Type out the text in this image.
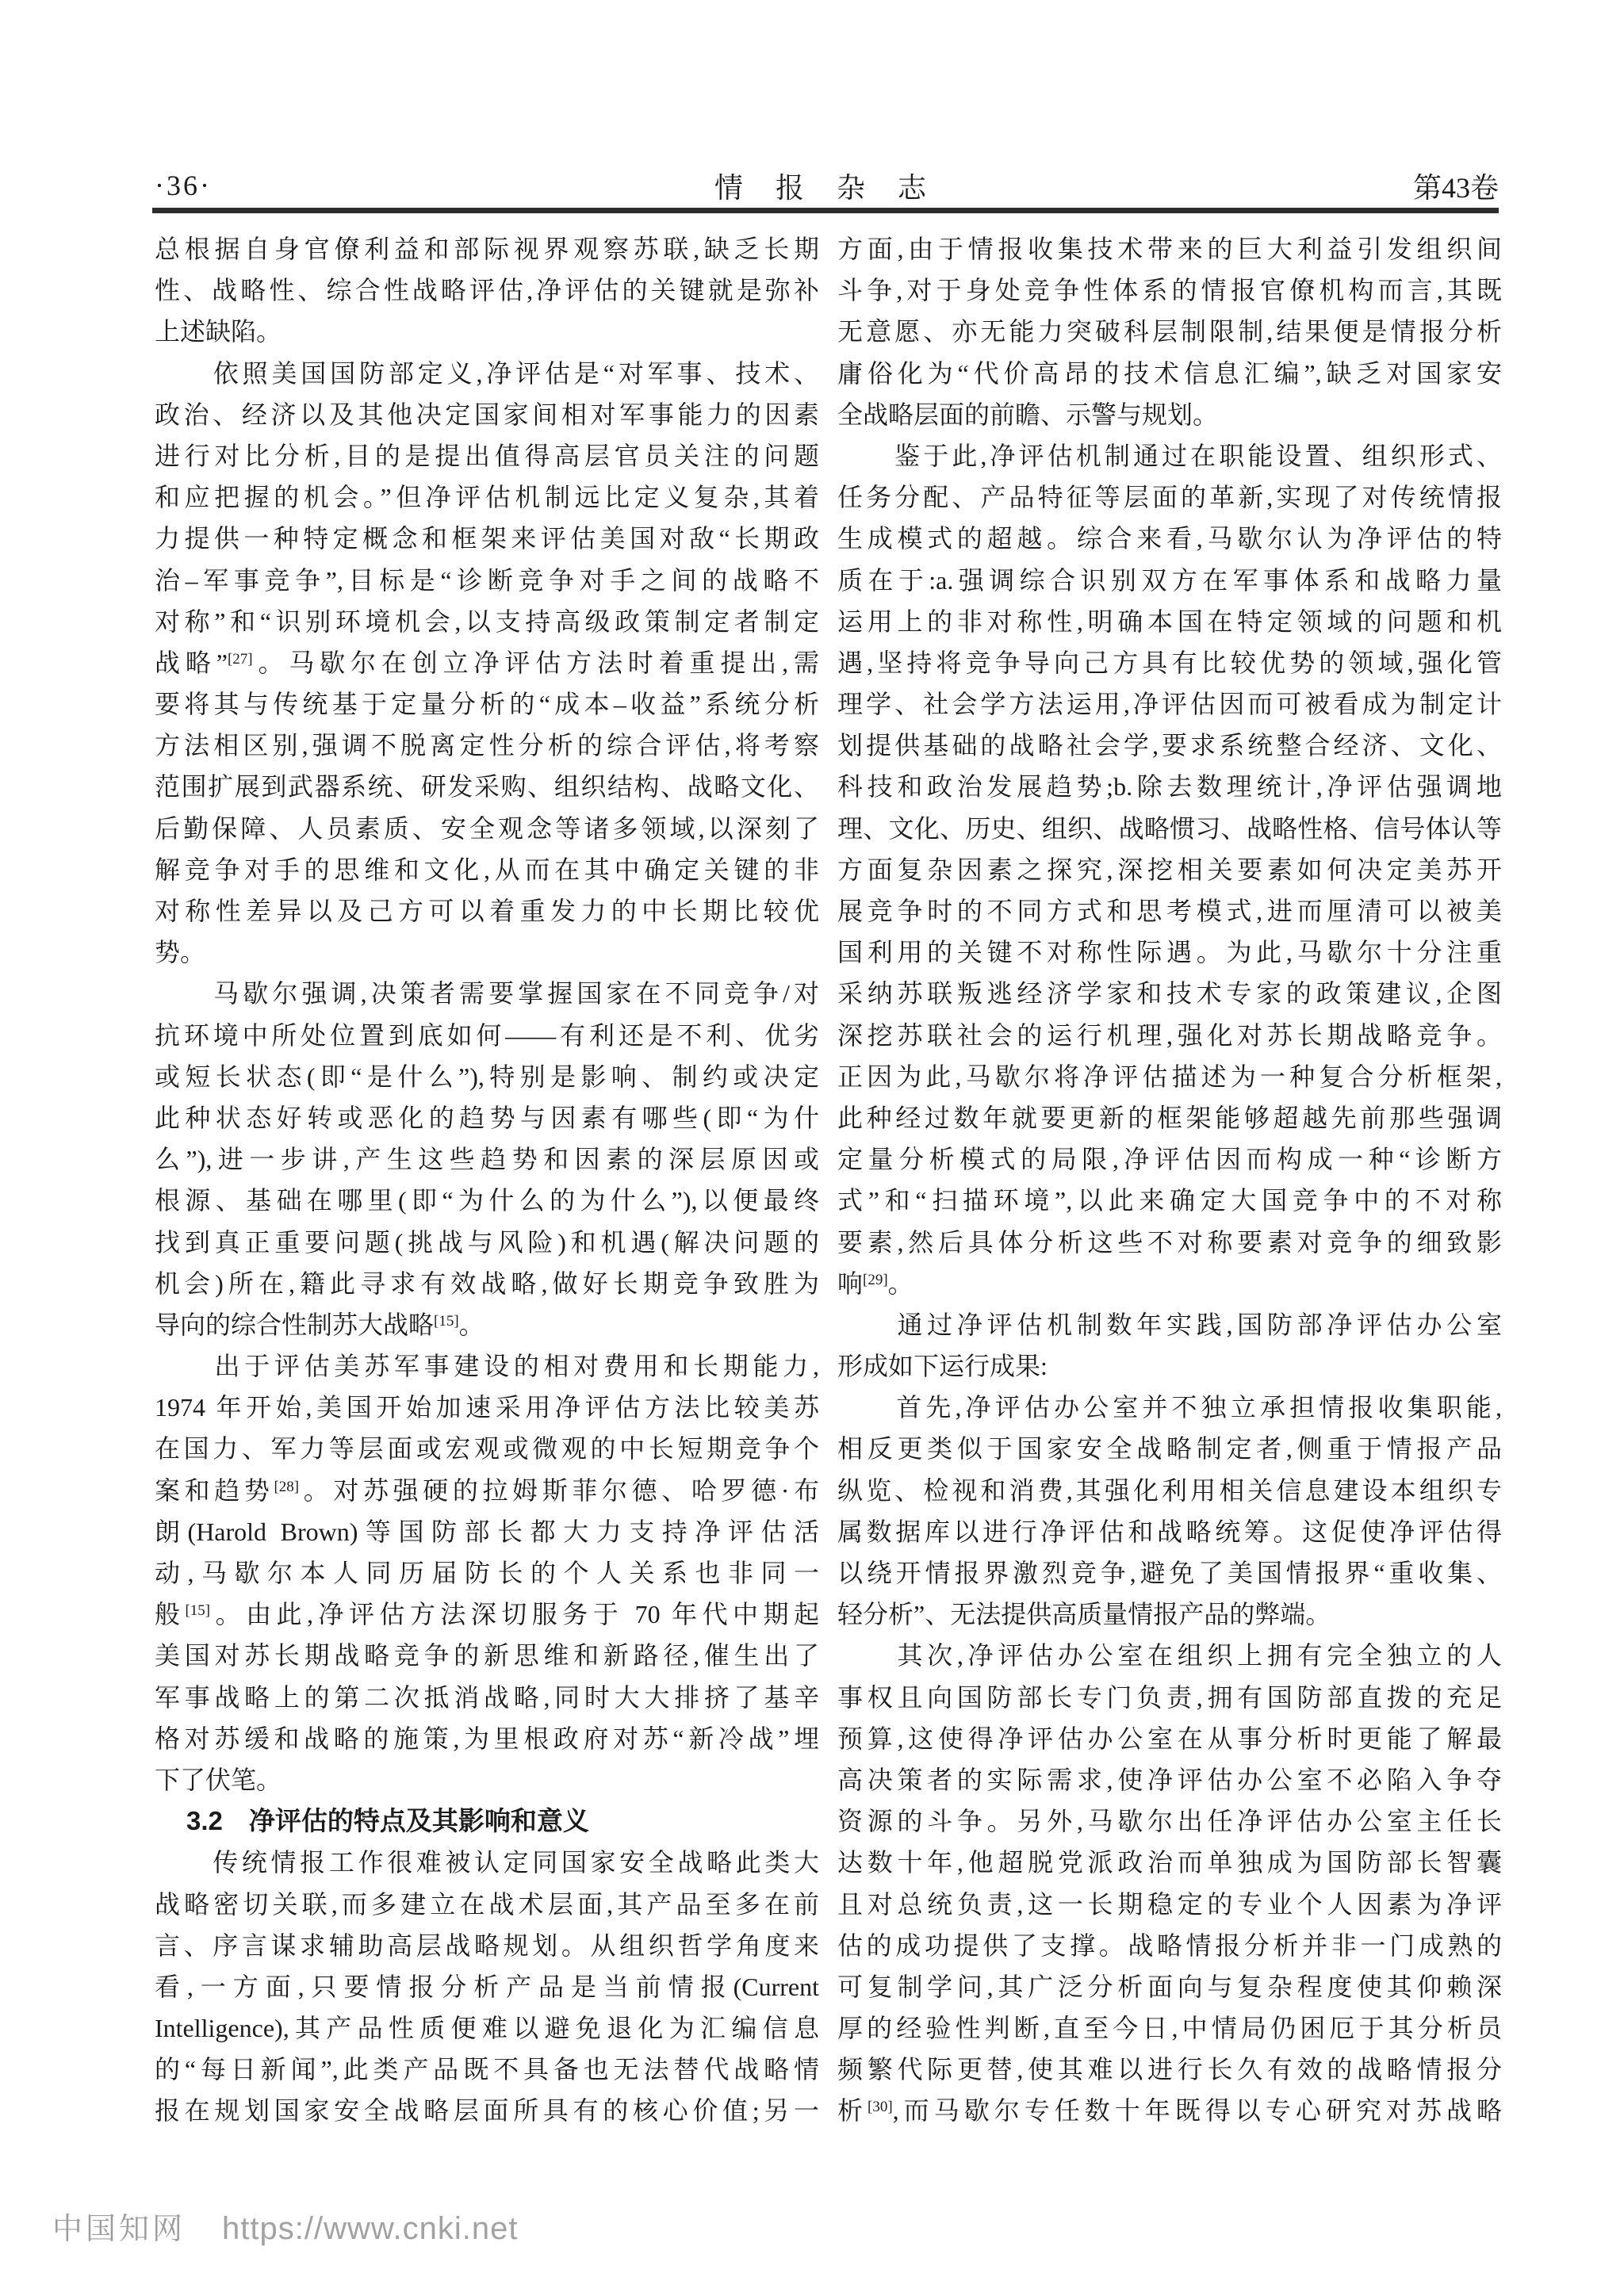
·36·	情 报 杂 志	第43卷
总根据自身官僚利益和部际视界观察苏联,缺乏长期
性、战略性、综合性战略评估,净评估的关键就是弥补
上述缺陷。
　　依照美国国防部定义,净评估是“对军事、技术、
政治、经济以及其他决定国家间相对军事能力的因素
进行对比分析,目的是提出值得高层官员关注的问题
和应把握的机会。”但净评估机制远比定义复杂,其着
力提供一种特定概念和框架来评估美国对敌“长期政
治–军事竞争”,目标是“诊断竞争对手之间的战略不
对称”和“识别环境机会,以支持高级政策制定者制定
战略”[27]。马歇尔在创立净评估方法时着重提出,需
要将其与传统基于定量分析的“成本–收益”系统分析
方法相区别,强调不脱离定性分析的综合评估,将考察
范围扩展到武器系统、研发采购、组织结构、战略文化、
后勤保障、人员素质、安全观念等诸多领域,以深刻了
解竞争对手的思维和文化,从而在其中确定关键的非
对称性差异以及己方可以着重发力的中长期比较优
势。
　　马歇尔强调,决策者需要掌握国家在不同竞争/对
抗环境中所处位置到底如何——有利还是不利、优劣
或短长状态(即“是什么”),特别是影响、制约或决定
此种状态好转或恶化的趋势与因素有哪些(即“为什
么”),进一步讲,产生这些趋势和因素的深层原因或
根源、基础在哪里(即“为什么的为什么”),以便最终
找到真正重要问题(挑战与风险)和机遇(解决问题的
机会)所在,籍此寻求有效战略,做好长期竞争致胜为
导向的综合性制苏大战略[15]。
　　出于评估美苏军事建设的相对费用和长期能力,
1974 年开始,美国开始加速采用净评估方法比较美苏
在国力、军力等层面或宏观或微观的中长短期竞争个
案和趋势[28]。对苏强硬的拉姆斯菲尔德、哈罗德·布
朗(Harold Brown)等国防部长都大力支持净评估活
动,马歇尔本人同历届防长的个人关系也非同一
般[15]。由此,净评估方法深切服务于 70 年代中期起
美国对苏长期战略竞争的新思维和新路径,催生出了
军事战略上的第二次抵消战略,同时大大排挤了基辛
格对苏缓和战略的施策,为里根政府对苏“新冷战”埋
下了伏笔。
3.2　净评估的特点及其影响和意义
　　传统情报工作很难被认定同国家安全战略此类大
战略密切关联,而多建立在战术层面,其产品至多在前
言、序言谋求辅助高层战略规划。从组织哲学角度来
看,一方面,只要情报分析产品是当前情报(Current
Intelligence),其产品性质便难以避免退化为汇编信息
的“每日新闻”,此类产品既不具备也无法替代战略情
报在规划国家安全战略层面所具有的核心价值;另一
方面,由于情报收集技术带来的巨大利益引发组织间
斗争,对于身处竞争性体系的情报官僚机构而言,其既
无意愿、亦无能力突破科层制限制,结果便是情报分析
庸俗化为“代价高昂的技术信息汇编”,缺乏对国家安
全战略层面的前瞻、示警与规划。
　　鉴于此,净评估机制通过在职能设置、组织形式、
任务分配、产品特征等层面的革新,实现了对传统情报
生成模式的超越。综合来看,马歇尔认为净评估的特
质在于:a.强调综合识别双方在军事体系和战略力量
运用上的非对称性,明确本国在特定领域的问题和机
遇,坚持将竞争导向己方具有比较优势的领域,强化管
理学、社会学方法运用,净评估因而可被看成为制定计
划提供基础的战略社会学,要求系统整合经济、文化、
科技和政治发展趋势;b.除去数理统计,净评估强调地
理、文化、历史、组织、战略惯习、战略性格、信号体认等
方面复杂因素之探究,深挖相关要素如何决定美苏开
展竞争时的不同方式和思考模式,进而厘清可以被美
国利用的关键不对称性际遇。为此,马歇尔十分注重
采纳苏联叛逃经济学家和技术专家的政策建议,企图
深挖苏联社会的运行机理,强化对苏长期战略竞争。
正因为此,马歇尔将净评估描述为一种复合分析框架,
此种经过数年就要更新的框架能够超越先前那些强调
定量分析模式的局限,净评估因而构成一种“诊断方
式”和“扫描环境”,以此来确定大国竞争中的不对称
要素,然后具体分析这些不对称要素对竞争的细致影
响[29]。
　　通过净评估机制数年实践,国防部净评估办公室
形成如下运行成果:
　　首先,净评估办公室并不独立承担情报收集职能,
相反更类似于国家安全战略制定者,侧重于情报产品
纵览、检视和消费,其强化利用相关信息建设本组织专
属数据库以进行净评估和战略统筹。这促使净评估得
以绕开情报界激烈竞争,避免了美国情报界“重收集、
轻分析”、无法提供高质量情报产品的弊端。
　　其次,净评估办公室在组织上拥有完全独立的人
事权且向国防部长专门负责,拥有国防部直拨的充足
预算,这使得净评估办公室在从事分析时更能了解最
高决策者的实际需求,使净评估办公室不必陷入争夺
资源的斗争。另外,马歇尔出任净评估办公室主任长
达数十年,他超脱党派政治而单独成为国防部长智囊
且对总统负责,这一长期稳定的专业个人因素为净评
估的成功提供了支撑。战略情报分析并非一门成熟的
可复制学问,其广泛分析面向与复杂程度使其仰赖深
厚的经验性判断,直至今日,中情局仍困厄于其分析员
频繁代际更替,使其难以进行长久有效的战略情报分
析[30],而马歇尔专任数十年既得以专心研究对苏战略
中国知网 https://www.cnki.net
